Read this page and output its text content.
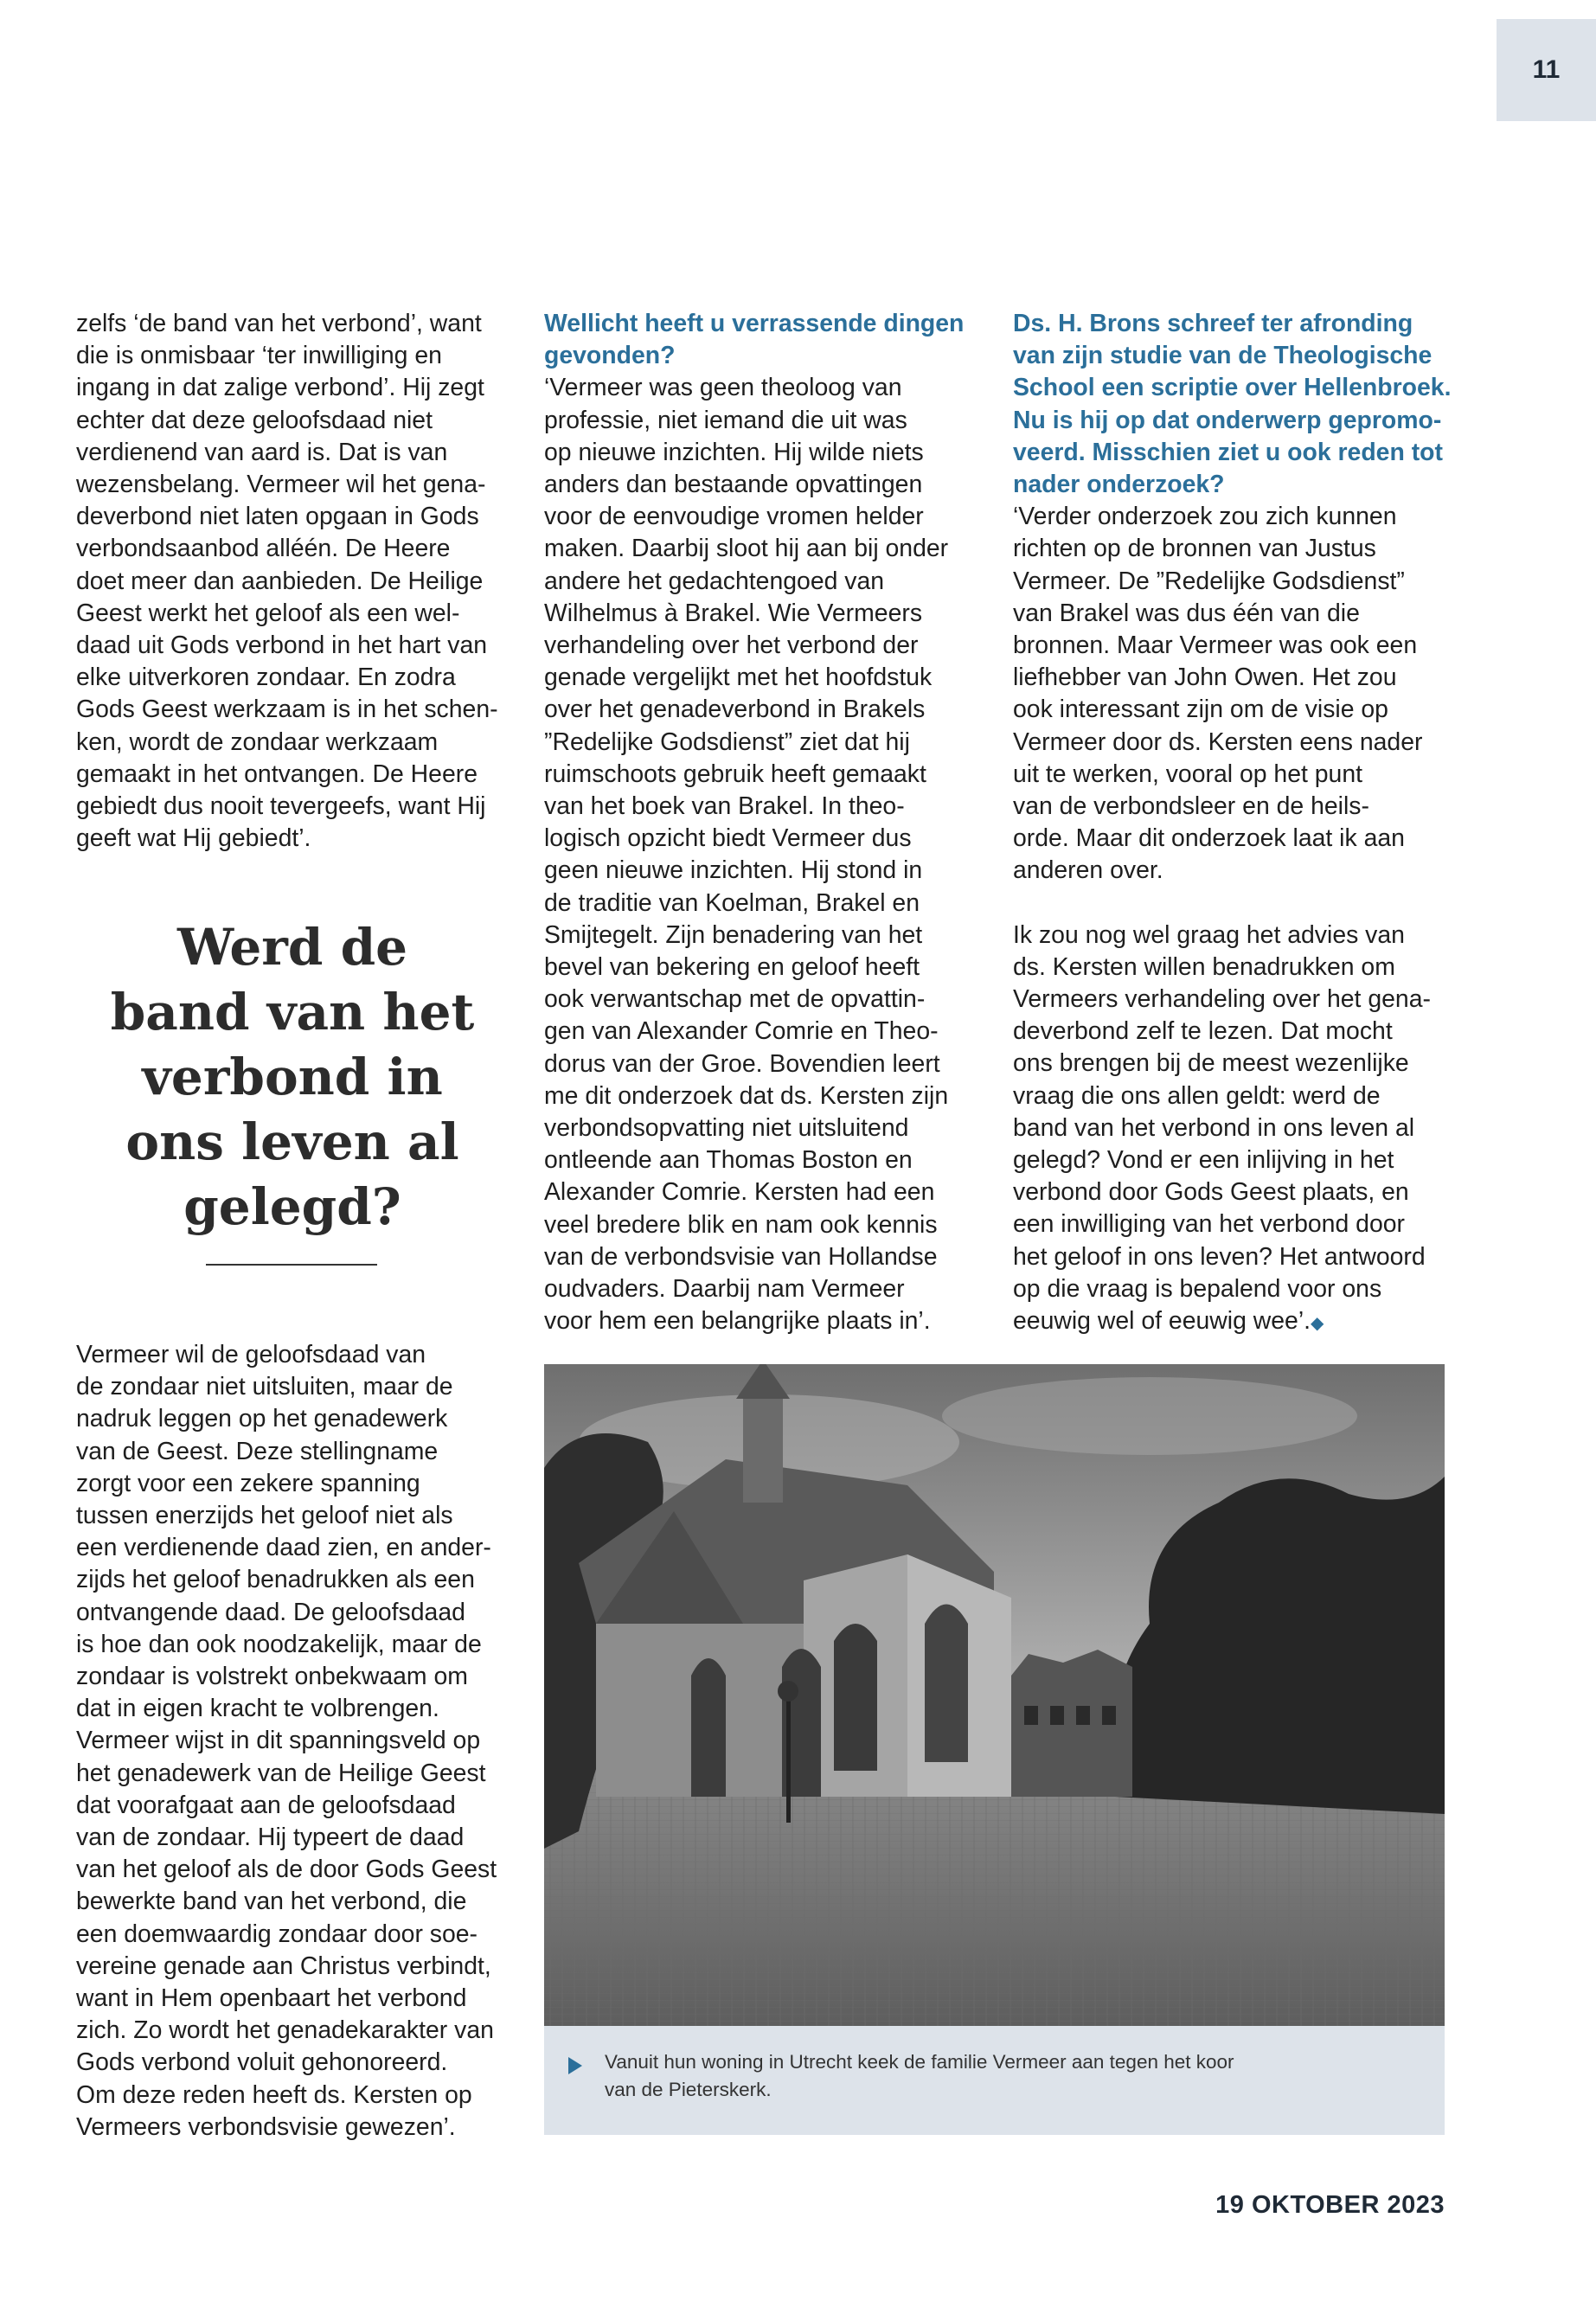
11

zelfs ‘de band van het verbond’, want
die is onmisbaar ‘ter inwilliging en
ingang in dat zalige verbond’. Hij zegt
echter dat deze geloofsdaad niet
verdienend van aard is. Dat is van
wezensbelang. Vermeer wil het gena-
deverbond niet laten opgaan in Gods
verbondsaanbod alléén. De Heere
doet meer dan aanbieden. De Heilige
Geest werkt het geloof als een wel-
daad uit Gods verbond in het hart van
elke uitverkoren zondaar. En zodra
Gods Geest werkzaam is in het schen-
ken, wordt de zondaar werkzaam
gemaakt in het ontvangen. De Heere
gebiedt dus nooit tevergeefs, want Hij
geeft wat Hij gebiedt’.

Werd de
band van het
verbond in
ons leven al
gelegd?

Vermeer wil de geloofsdaad van
de zondaar niet uitsluiten, maar de
nadruk leggen op het genadewerk
van de Geest. Deze stellingname
zorgt voor een zekere spanning
tussen enerzijds het geloof niet als
een verdienende daad zien, en ander-
zijds het geloof benadrukken als een
ontvangende daad. De geloofsdaad
is hoe dan ook noodzakelijk, maar de
zondaar is volstrekt onbekwaam om
dat in eigen kracht te volbrengen.
Vermeer wijst in dit spanningsveld op
het genadewerk van de Heilige Geest
dat voorafgaat aan de geloofsdaad
van de zondaar. Hij typeert de daad
van het geloof als de door Gods Geest
bewerkte band van het verbond, die
een doemwaardig zondaar door soe-
vereine genade aan Christus verbindt,
want in Hem openbaart het verbond
zich. Zo wordt het genadekarakter van
Gods verbond voluit gehonoreerd.
Om deze reden heeft ds. Kersten op
Vermeers verbondsvisie gewezen’.

Wellicht heeft u verrassende dingen
gevonden?

‘Vermeer was geen theoloog van
professie, niet iemand die uit was
op nieuwe inzichten. Hij wilde niets
anders dan bestaande opvattingen
voor de eenvoudige vromen helder
maken. Daarbij sloot hij aan bij onder
andere het gedachtengoed van
Wilhelmus à Brakel. Wie Vermeers
verhandeling over het verbond der
genade vergelijkt met het hoofdstuk
over het genadeverbond in Brakels
”Redelijke Godsdienst” ziet dat hij
ruimschoots gebruik heeft gemaakt
van het boek van Brakel. In theo-
logisch opzicht biedt Vermeer dus
geen nieuwe inzichten. Hij stond in
de traditie van Koelman, Brakel en
Smijtegelt. Zijn benadering van het
bevel van bekering en geloof heeft
ook verwantschap met de opvattin-
gen van Alexander Comrie en Theo-
dorus van der Groe. Bovendien leert
me dit onderzoek dat ds. Kersten zijn
verbondsopvatting niet uitsluitend
ontleende aan Thomas Boston en
Alexander Comrie. Kersten had een
veel bredere blik en nam ook kennis
van de verbondsvisie van Hollandse
oudvaders. Daarbij nam Vermeer
voor hem een belangrijke plaats in’.

Ds. H. Brons schreef ter afronding
van zijn studie van de Theologische
School een scriptie over Hellenbroek.
Nu is hij op dat onderwerp gepromo-
veerd. Misschien ziet u ook reden tot
nader onderzoek?

‘Verder onderzoek zou zich kunnen
richten op de bronnen van Justus
Vermeer. De ”Redelijke Godsdienst”
van Brakel was dus één van die
bronnen. Maar Vermeer was ook een
liefhebber van John Owen. Het zou
ook interessant zijn om de visie op
Vermeer door ds. Kersten eens nader
uit te werken, vooral op het punt
van de verbondsleer en de heils-
orde. Maar dit onderzoek laat ik aan
anderen over.

Ik zou nog wel graag het advies van
ds. Kersten willen benadrukken om
Vermeers verhandeling over het gena-
deverbond zelf te lezen. Dat mocht
ons brengen bij de meest wezenlijke
vraag die ons allen geldt: werd de
band van het verbond in ons leven al
gelegd? Vond er een inlijving in het
verbond door Gods Geest plaats, en
een inwilliging van het verbond door
het geloof in ons leven? Het antwoord
op die vraag is bepalend voor ons
eeuwig wel of eeuwig wee’.◆

Vanuit hun woning in Utrecht keek de familie Vermeer aan tegen het koor
van de Pieterskerk.
19 OKTOBER 2023
